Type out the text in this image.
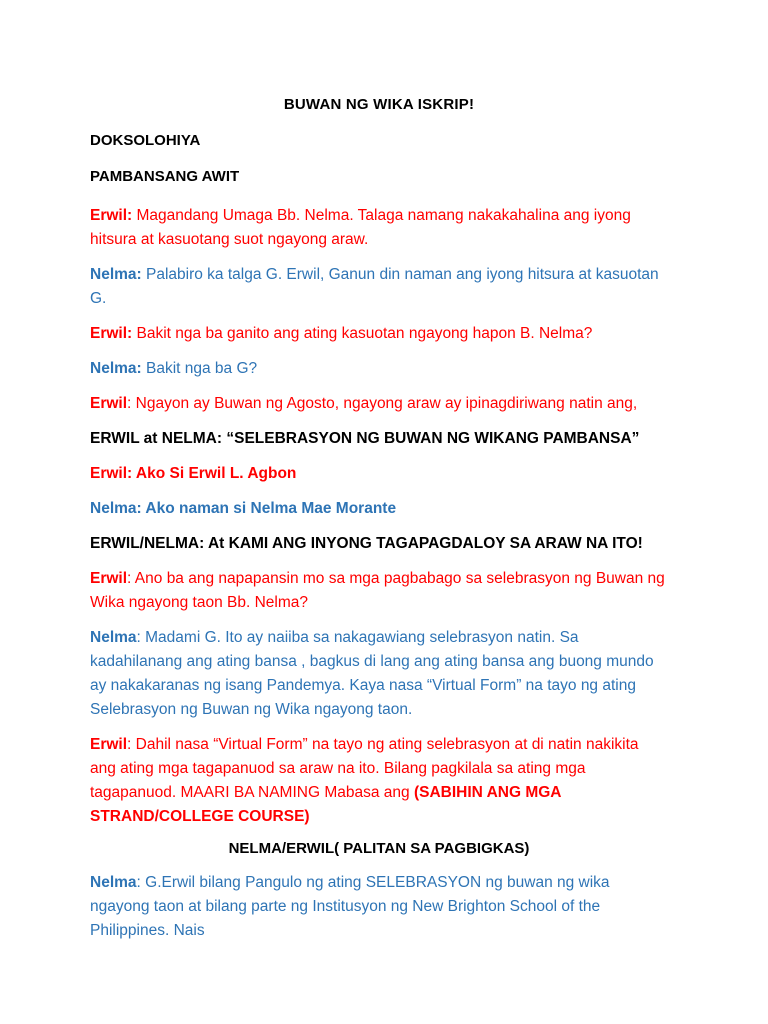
BUWAN NG WIKA ISKRIP!
DOKSOLOHIYA
PAMBANSANG AWIT
Erwil: Magandang Umaga Bb. Nelma. Talaga namang nakakahalina ang iyong hitsura at kasuotang suot ngayong araw.
Nelma: Palabiro ka talga G. Erwil, Ganun din naman ang iyong hitsura at kasuotan G.
Erwil: Bakit nga ba ganito ang ating kasuotan ngayong hapon B. Nelma?
Nelma: Bakit nga ba G?
Erwil: Ngayon ay Buwan ng Agosto, ngayong araw ay ipinagdiriwang natin ang,
ERWIL at NELMA: “SELEBRASYON NG BUWAN NG WIKANG PAMBANSA”
Erwil: Ako Si Erwil L. Agbon
Nelma: Ako naman si Nelma Mae Morante
ERWIL/NELMA: At KAMI ANG INYONG TAGAPAGDALOY SA ARAW NA ITO!
Erwil: Ano ba ang napapansin mo sa mga pagbabago sa selebrasyon ng Buwan ng Wika ngayong taon Bb. Nelma?
Nelma: Madami G. Ito ay naiiba sa nakagawiang selebrasyon natin. Sa kadahilanang ang ating bansa , bagkus di lang ang ating bansa ang buong mundo ay nakakaranas ng isang Pandemya. Kaya nasa “Virtual Form” na tayo ng ating Selebrasyon ng Buwan ng Wika ngayong taon.
Erwil: Dahil nasa “Virtual Form” na tayo ng ating selebrasyon at di natin nakikita ang ating mga tagapanuod sa araw na ito. Bilang pagkilala sa ating mga tagapanuod. MAARI BA NAMING Mabasa ang (SABIHIN ANG MGA STRAND/COLLEGE COURSE)
NELMA/ERWIL( PALITAN SA PAGBIGKAS)
Nelma: G.Erwil bilang Pangulo ng ating SELEBRASYON ng buwan ng wika ngayong taon at bilang parte ng Institusyon ng New Brighton School of the Philippines. Nais
